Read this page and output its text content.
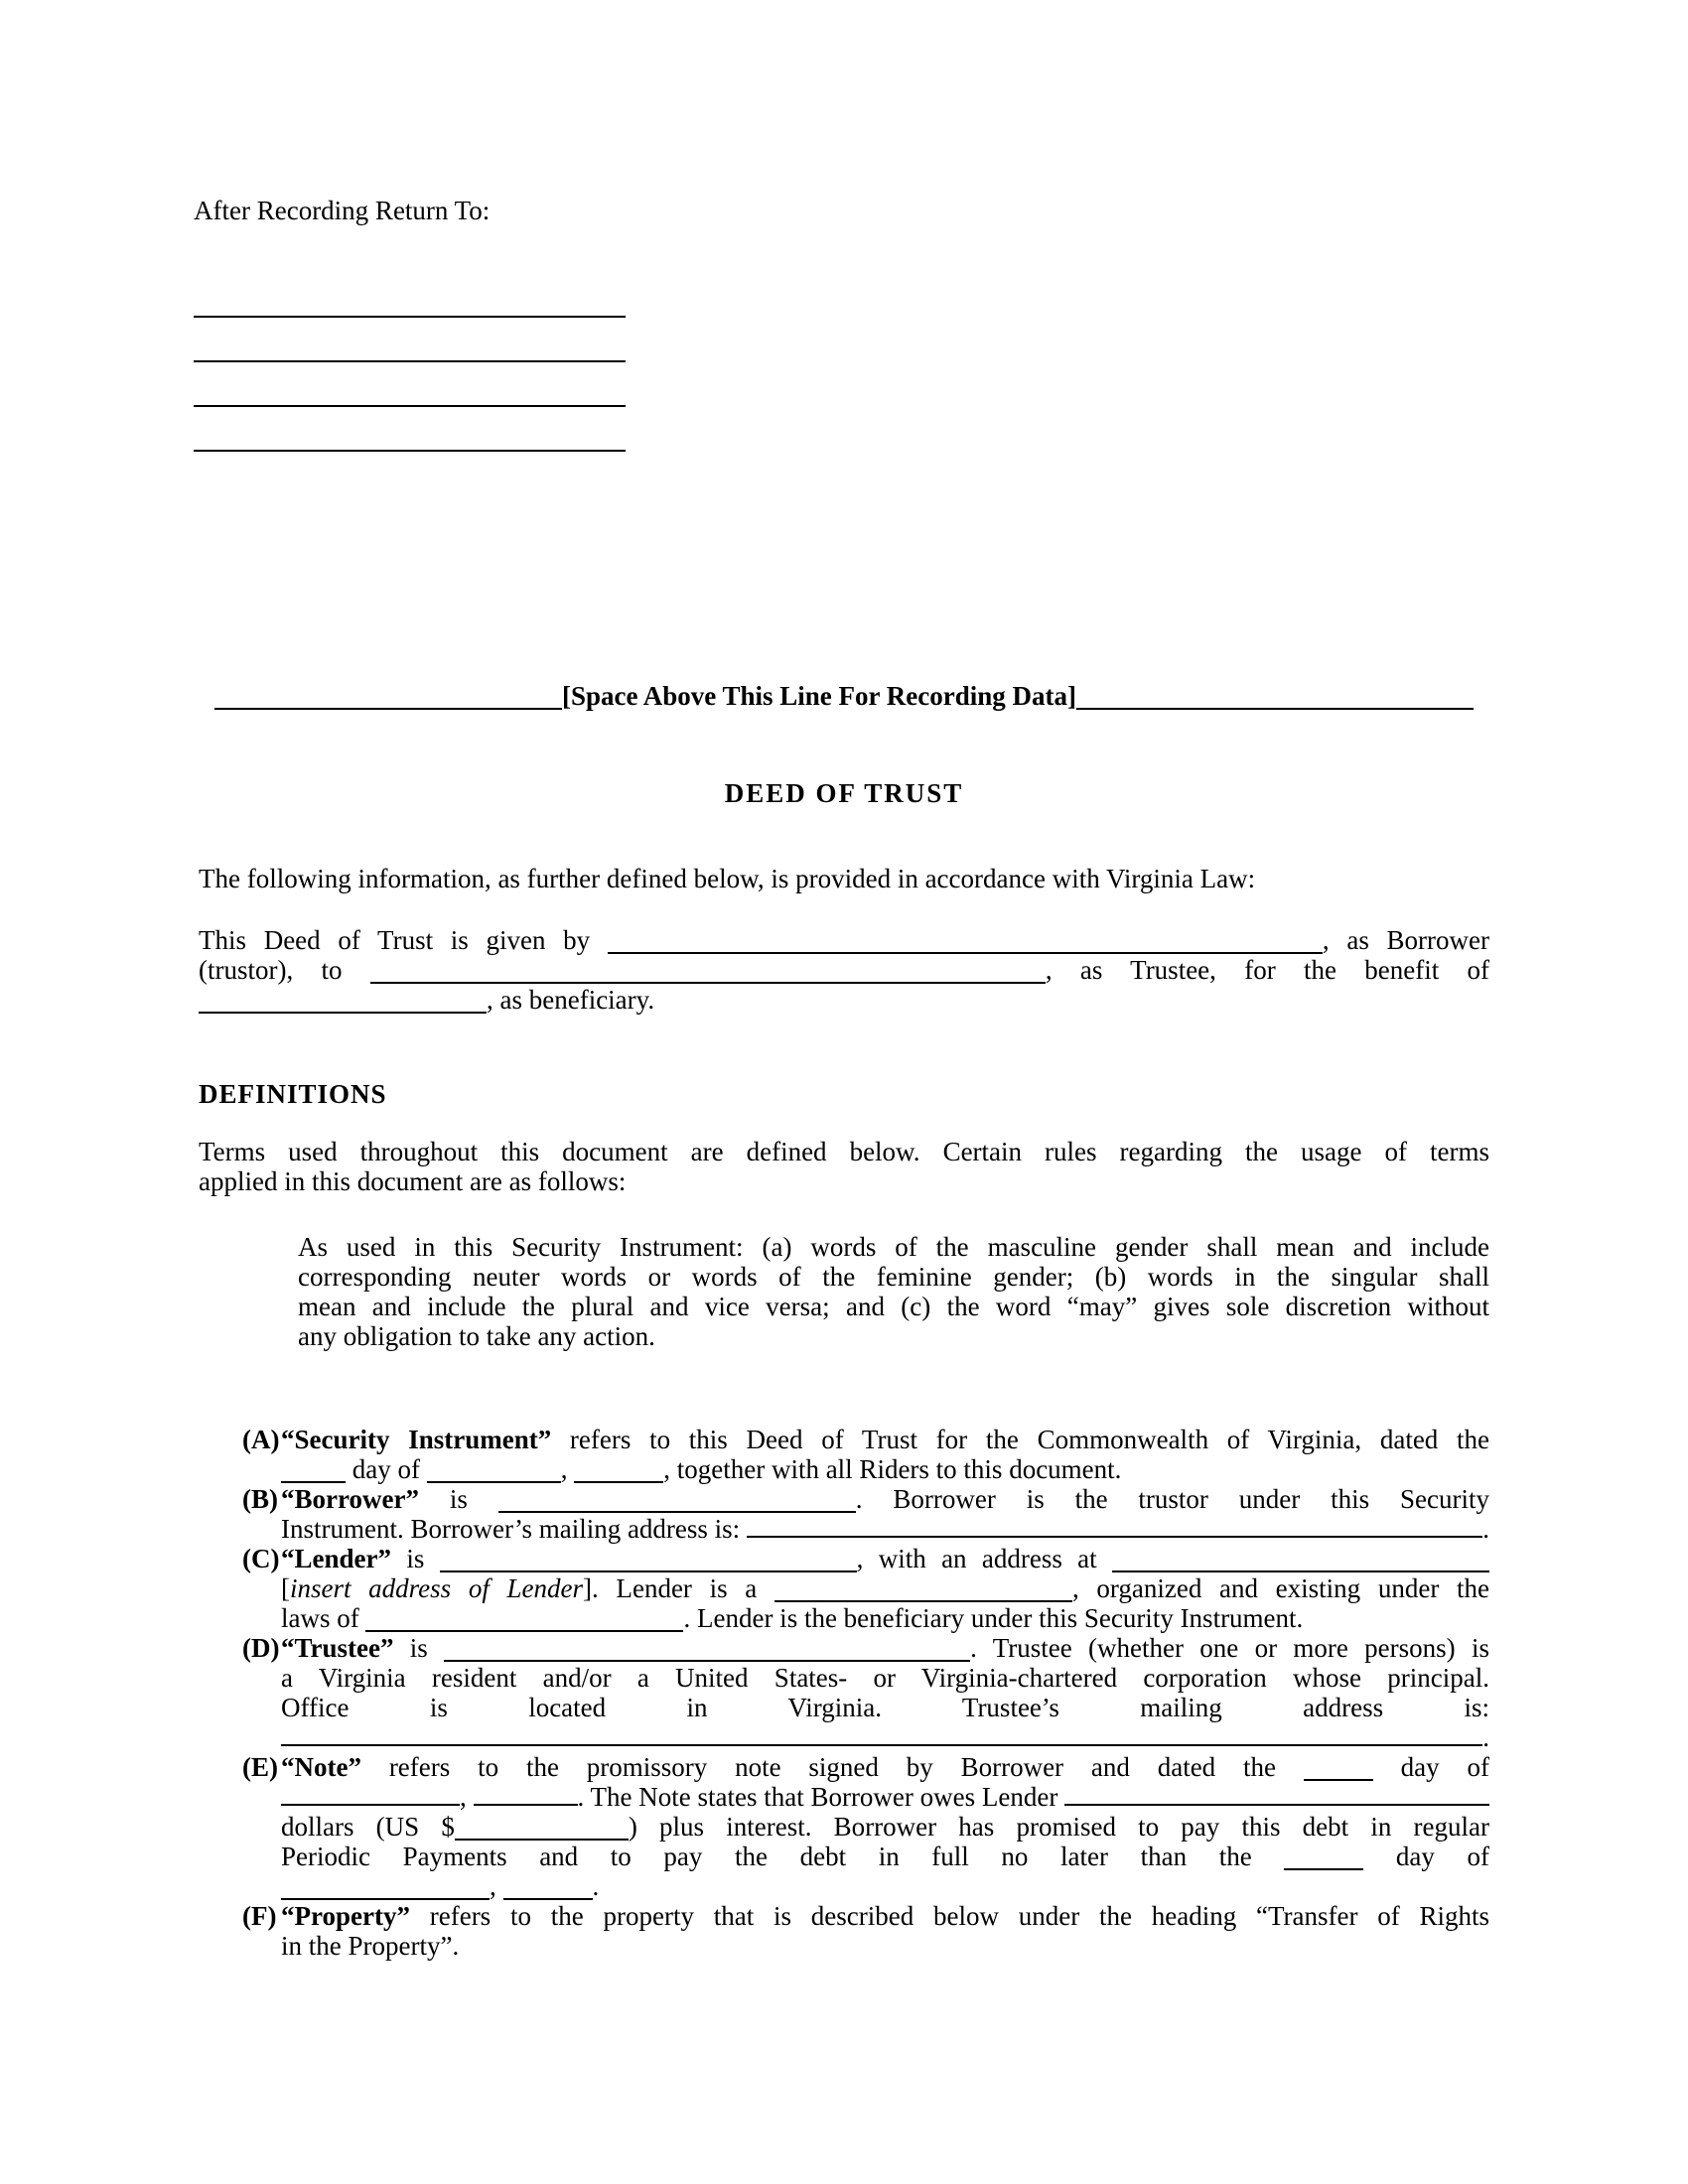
After Recording Return To:
[Space Above This Line For Recording Data]
DEED OF TRUST
The following information, as further defined below, is provided in accordance with Virginia Law:
This Deed of Trust is given by	, as Borrower
(trustor), to	, as Trustee, for the benefit of
, as beneficiary.
DEFINITIONS
Terms used throughout this document are defined below. Certain rules regarding the usage of terms
applied in this document are as follows:
As used in this Security Instrument: (a) words of the masculine gender shall mean and include
corresponding neuter words or words of the feminine gender; (b) words in the singular shall
mean and include the plural and vice versa; and (c) the word “may” gives sole discretion without
any obligation to take any action.
(A) “Security Instrument” refers to this Deed of Trust for the Commonwealth of Virginia, dated the
day of	,	, together with all Riders to this document.
(B) “Borrower” is	. Borrower is the trustor under this Security
Instrument. Borrower’s mailing address is:	.
(C) “Lender” is	, with an address at
[insert address of Lender]. Lender is a	, organized and existing under the
laws of	. Lender is the beneficiary under this Security Instrument.
(D) “Trustee” is	. Trustee (whether one or more persons) is
a Virginia resident and/or a United States- or Virginia-chartered corporation whose principal.
Office is located in Virginia. Trustee’s mailing address is:
.
(E) “Note” refers to the promissory note signed by Borrower and dated the	day of
,	. The Note states that Borrower owes Lender
dollars (US $	) plus interest. Borrower has promised to pay this debt in regular
Periodic Payments and to pay the debt in full no later than the	day of
,	.
(F) “Property” refers to the property that is described below under the heading “Transfer of Rights
in the Property”.
